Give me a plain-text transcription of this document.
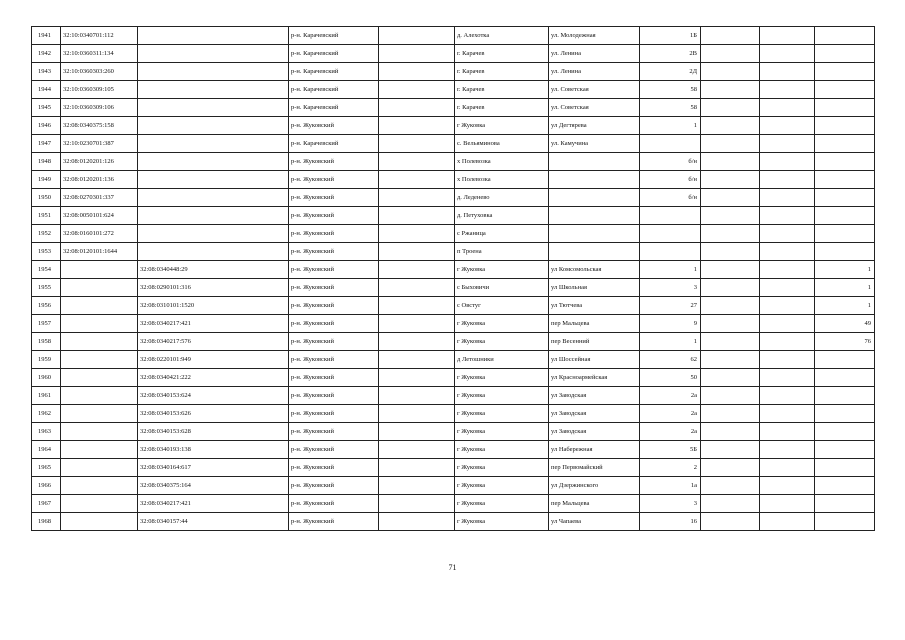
1941	32:10:0340701:112		р-н. Карачевский		д. Алехотка	ул. Молодежная	1Б			
1942	32:10:0360311:134		р-н. Карачевский		г. Карачев	ул. Ленина	2В			
1943	32:10:0360303:260		р-н. Карачевский		г. Карачев	ул. Ленина	2Д			
1944	32:10:0360309:105		р-н. Карачевский		г. Карачев	ул. Советская	58			
1945	32:10:0360309:106		р-н. Карачевский		г. Карачев	ул. Советская	58			
1946	32:08:0340375:158		р-н. Жуковский		г Жуковка	ул Дегтярева	1			
1947	32:10:0230701:387		р-н. Карачевский		с. Вельяминова	ул. Камучина				
1948	32:08:0120201:126		р-н. Жуковский		х Полевозка		б/н			
1949	32:08:0120201:136		р-н. Жуковский		х Полевозка		б/н			
1950	32:08:0270301:337		р-н. Жуковский		д. Леденево		б/н			
1951	32:08:0050101:624		р-н. Жуковский		д. Петуховка					
1952	32:08:0160101:272		р-н. Жуковский		с Ржаница					
1953	32:08:0120101:1644		р-н. Жуковский		п Троена					
1954		32:08:0340448:29	р-н. Жуковский		г Жуковка	ул Комсомольская	1			1
1955		32:08:0290101:316	р-н. Жуковский		с Быховичи	ул Школьная	3			1
1956		32:08:0310101:1520	р-н. Жуковский		с Овстуг	ул Тютчева	27			1
1957		32:08:0340217:421	р-н. Жуковский		г Жуковка	пер Мальцева	9			49
1958		32:08:0340217:576	р-н. Жуковский		г Жуковка	пер Весенний	1			76
1959		32:08:0220101:949	р-н. Жуковский		д Летошники	ул Шоссейная	62			
1960		32:08:0340421:222	р-н. Жуковский		г Жуковка	ул Красноармейская	50			
1961		32:08:0340153:624	р-н. Жуковский		г Жуковка	ул Заводская	2а			
1962		32:08:0340153:626	р-н. Жуковский		г Жуковка	ул Заводская	2а			
1963		32:08:0340153:628	р-н. Жуковский		г Жуковка	ул Заводская	2а			
1964		32:08:0340193:138	р-н. Жуковский		г Жуковка	ул Набережная	5Б			
1965		32:08:0340164:617	р-н. Жуковский		г Жуковка	пер Первомайский	2			
1966		32:08:0340375:164	р-н. Жуковский		г Жуковка	ул Дзержинского	1а			
1967		32:08:0340217:421	р-н. Жуковский		г Жуковка	пер Мальцева	3			
1968		32:08:0340157:44	р-н. Жуковский		г Жуковка	ул Чапаева	16			
71
